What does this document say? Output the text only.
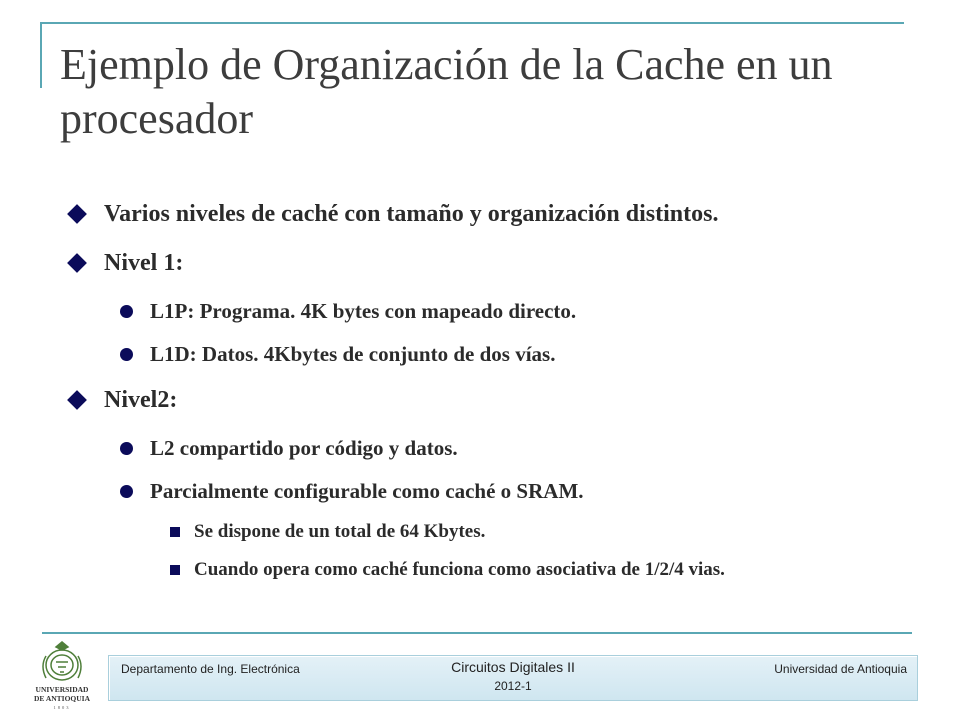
Ejemplo de Organización de la Cache en un procesador
Varios niveles de caché con tamaño y organización distintos.
Nivel 1:
L1P: Programa. 4K bytes con mapeado directo.
L1D: Datos. 4Kbytes de conjunto de dos vías.
Nivel2:
L2 compartido por código y datos.
Parcialmente configurable como caché o SRAM.
Se dispone de un total de 64 Kbytes.
Cuando opera como caché funciona como asociativa de 1/2/4 vias.
UNIVERSIDAD
DE ANTIOQUIA
1803
Departamento de Ing. Electrónica	Circuitos Digitales II
2012-1
Universidad de Antioquia
